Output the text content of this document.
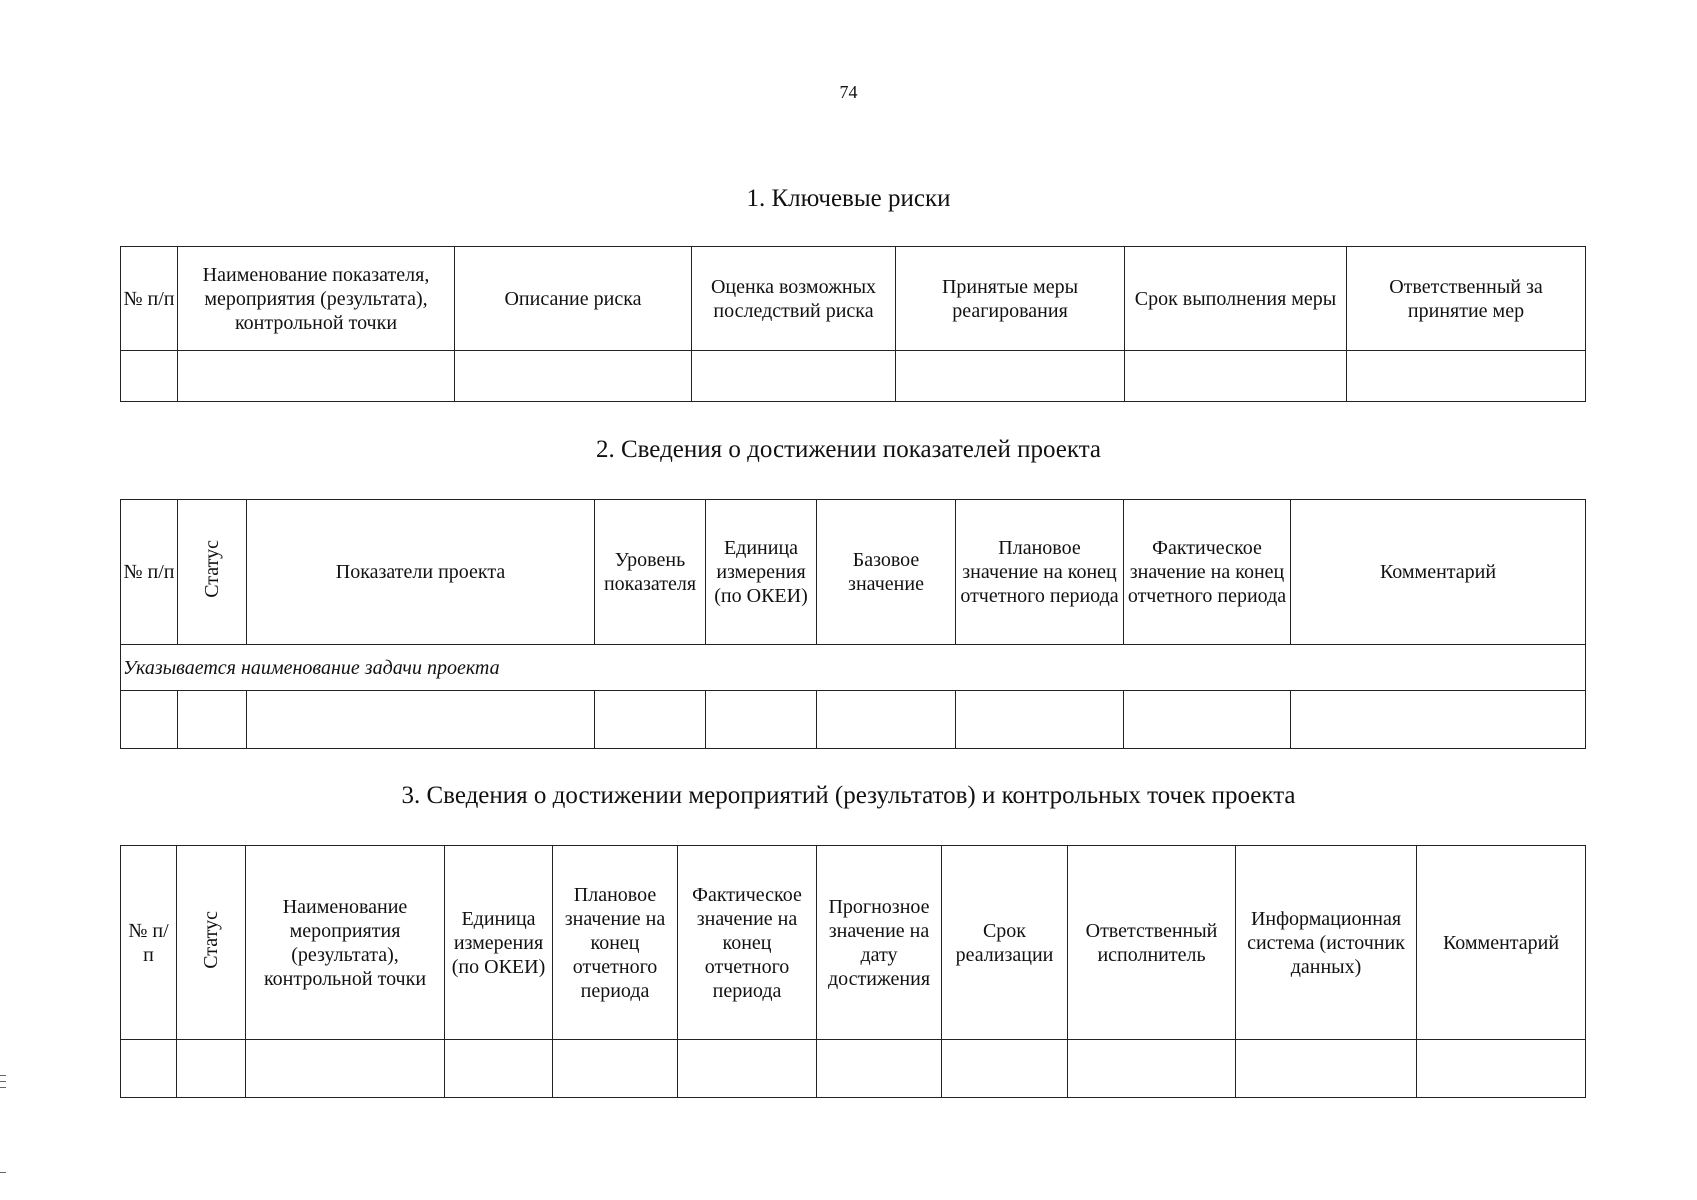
74
1. Ключевые риски
№ п/п	Наименование показателя, мероприятия (результата), контрольной точки	Описание риска	Оценка возможных последствий риска	Принятые меры реагирования	Срок выполнения меры	Ответственный за принятие мер

2. Сведения о достижении показателей проекта
№ п/п	Статус	Показатели проекта	Уровень показателя	Единица измерения (по ОКЕИ)	Базовое значение	Плановое значение на конец отчетного периода	Фактическое значение на конец отчетного периода	Комментарий
Указывается наименование задачи проекта								

3. Сведения о достижении мероприятий (результатов) и контрольных точек проекта
№ п/п	Статус	Наименование мероприятия (результата), контрольной точки	Единица измерения (по ОКЕИ)	Плановое значение на конец отчетного периода	Фактическое значение на конец отчетного периода	Прогнозное значение на дату достижения	Срок реализации	Ответственный исполнитель	Информационная система (источник данных)	Комментарий
